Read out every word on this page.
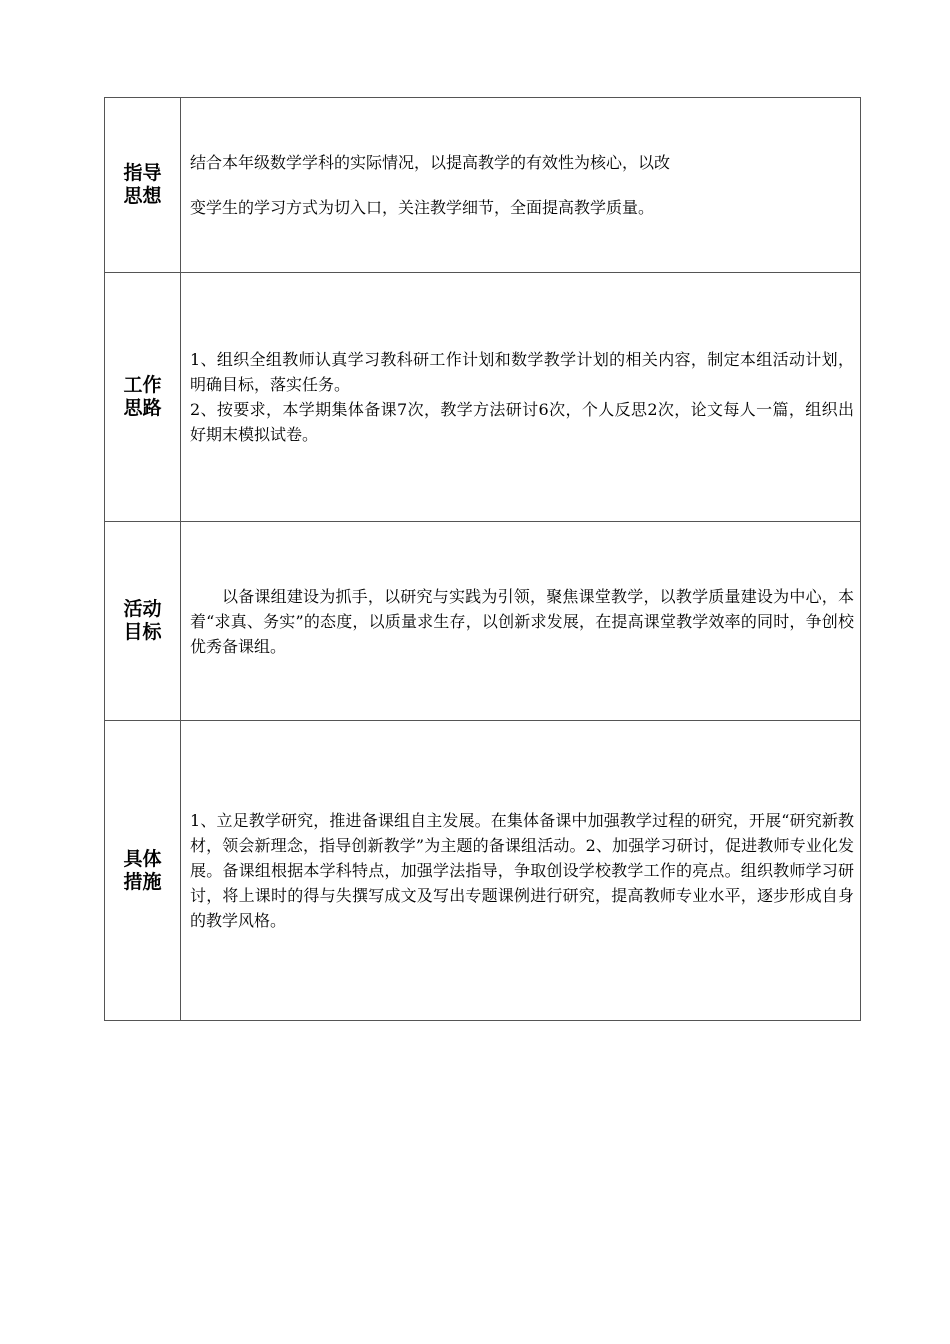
指导
思想	结合本年级数学学科的实际情况，以提高教学的有效性为核心，以改
变学生的学习方式为切入口，关注教学细节，全面提高教学质量。

工作
思路	1、组织全组教师认真学习教科研工作计划和数学教学计划的相关内容，制定本组活动计划，明确目标，落实任务。
2、按要求，本学期集体备课7次，教学方法研讨6次，个人反思2次，论文每人一篇，组织出好期末模拟试卷。

活动
目标	以备课组建设为抓手，以研究与实践为引领，聚焦课堂教学，以教学质量建设为中心，本着“求真、务实”的态度，以质量求生存，以创新求发展，在提高课堂教学效率的同时，争创校优秀备课组。

具体
措施	1、立足教学研究，推进备课组自主发展。在集体备课中加强教学过程的研究，开展“研究新教材，领会新理念，指导创新教学”为主题的备课组活动。2、加强学习研讨，促进教师专业化发展。备课组根据本学科特点，加强学法指导，争取创设学校教学工作的亮点。组织教师学习研讨，将上课时的得与失撰写成文及写出专题课例进行研究，提高教师专业水平，逐步形成自身的教学风格。
